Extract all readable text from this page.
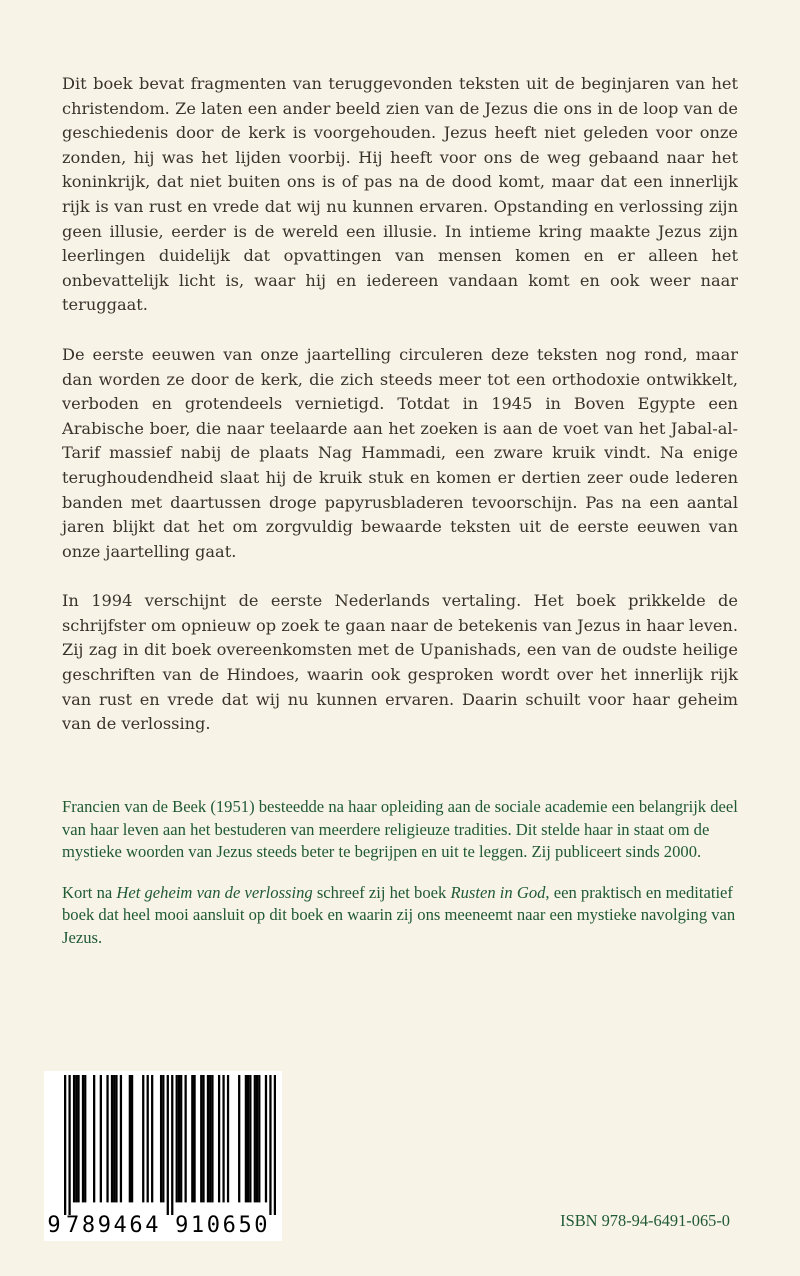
Dit boek bevat fragmenten van teruggevonden teksten uit de beginjaren van het christendom. Ze laten een ander beeld zien van de Jezus die ons in de loop van de geschiedenis door de kerk is voorgehouden. Jezus heeft niet geleden voor onze zonden, hij was het lijden voorbij. Hij heeft voor ons de weg gebaand naar het koninkrijk, dat niet buiten ons is of pas na de dood komt, maar dat een innerlijk rijk is van rust en vrede dat wij nu kunnen ervaren. Opstanding en verlossing zijn geen illusie, eerder is de wereld een illusie. In intieme kring maakte Jezus zijn leerlingen duidelijk dat opvattingen van mensen komen en er alleen het onbevattelijk licht is, waar hij en iedereen vandaan komt en ook weer naar teruggaat.

De eerste eeuwen van onze jaartelling circuleren deze teksten nog rond, maar dan worden ze door de kerk, die zich steeds meer tot een orthodoxie ontwikkelt, verboden en grotendeels vernietigd. Totdat in 1945 in Boven Egypte een Arabische boer, die naar teelaarde aan het zoeken is aan de voet van het Jabal-al-Tarif massief nabij de plaats Nag Hammadi, een zware kruik vindt. Na enige terughoudendheid slaat hij de kruik stuk en komen er dertien zeer oude lederen banden met daartussen droge papyrusbladeren tevoorschijn. Pas na een aantal jaren blijkt dat het om zorgvuldig bewaarde teksten uit de eerste eeuwen van onze jaartelling gaat.

In 1994 verschijnt de eerste Nederlands vertaling. Het boek prikkelde de schrijfster om opnieuw op zoek te gaan naar de betekenis van Jezus in haar leven. Zij zag in dit boek overeenkomsten met de Upanishads, een van de oudste heilige geschriften van de Hindoes, waarin ook gesproken wordt over het innerlijk rijk van rust en vrede dat wij nu kunnen ervaren. Daarin schuilt voor haar geheim van de verlossing.

Francien van de Beek (1951) besteedde na haar opleiding aan de sociale academie een belangrijk deel van haar leven aan het bestuderen van meerdere religieuze tradities. Dit stelde haar in staat om de mystieke woorden van Jezus steeds beter te begrijpen en uit te leggen. Zij publiceert sinds 2000.

Kort na Het geheim van de verlossing schreef zij het boek Rusten in God, een praktisch en meditatief boek dat heel mooi aansluit op dit boek en waarin zij ons meeneemt naar een mystieke navolging van Jezus.

9 789464 910650	ISBN 978-94-6491-065-0
